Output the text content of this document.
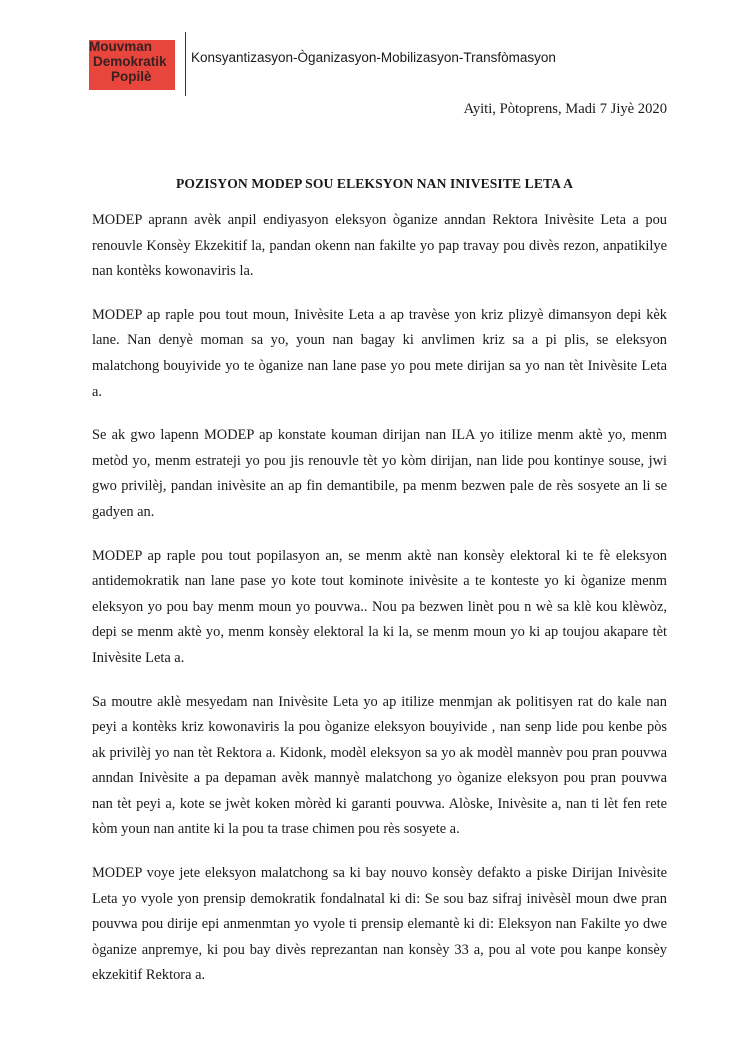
Mouvman
Demokratik
Popilè
Konsyantizasyon-Òganizasyon-Mobilizasyon-Transfòmasyon
Ayiti, Pòtoprens, Madi 7 Jiyè 2020
POZISYON MODEP SOU ELEKSYON NAN INIVESITE LETA A

MODEP aprann avèk anpil endiyasyon eleksyon òganize anndan Rektora Inivèsite Leta a pou renouvle Konsèy Ekzekitif la, pandan okenn nan fakilte yo pap travay pou divès rezon, anpatikilye nan kontèks kowonaviris la.

MODEP ap raple pou tout moun, Inivèsite Leta a ap travèse yon kriz plizyè dimansyon depi kèk lane. Nan denyè moman sa yo, youn nan bagay ki anvlimen kriz sa a pi plis, se eleksyon malatchong bouyivide yo te òganize nan lane pase yo pou mete dirijan sa yo nan tèt Inivèsite Leta a.

Se ak gwo lapenn MODEP ap konstate kouman dirijan nan ILA yo itilize menm aktè yo, menm metòd yo, menm estrateji yo pou jis renouvle tèt yo kòm dirijan, nan lide pou kontinye souse, jwi gwo privilèj, pandan inivèsite an ap fin demantibile, pa menm bezwen pale de rès sosyete an li se gadyen an.

MODEP ap raple pou tout popilasyon an, se menm aktè nan konsèy elektoral ki te fè eleksyon antidemokratik nan lane pase yo kote tout kominote inivèsite a te konteste yo ki òganize menm eleksyon yo pou bay menm moun yo pouvwa.. Nou pa bezwen linèt pou n wè sa klè kou klèwòz, depi se menm aktè yo, menm konsèy elektoral la ki la, se menm moun yo ki ap toujou akapare tèt Inivèsite Leta a.

Sa moutre aklè mesyedam nan Inivèsite Leta yo ap itilize menmjan ak politisyen rat do kale nan peyi a kontèks kriz kowonaviris la pou òganize eleksyon bouyivide , nan senp lide pou kenbe pòs ak privilèj yo nan tèt Rektora a. Kidonk, modèl eleksyon sa yo ak modèl mannèv pou pran pouvwa anndan Inivèsite a pa depaman avèk mannyè malatchong yo òganize eleksyon pou pran pouvwa nan tèt peyi a, kote se jwèt koken mòrèd ki garanti pouvwa. Alòske, Inivèsite a, nan ti lèt fen rete kòm youn nan antite ki la pou ta trase chimen pou rès sosyete a.

MODEP voye jete eleksyon malatchong sa ki bay nouvo konsèy defakto a piske Dirijan Inivèsite Leta yo vyole yon prensip demokratik fondalnatal ki di: Se sou baz sifraj inivèsèl moun dwe pran pouvwa pou dirije epi anmenmtan yo vyole ti prensip elemantè ki di: Eleksyon nan Fakilte yo dwe òganize anpremye, ki pou bay divès reprezantan nan konsèy 33 a, pou al vote pou kanpe konsèy ekzekitif Rektora a.
